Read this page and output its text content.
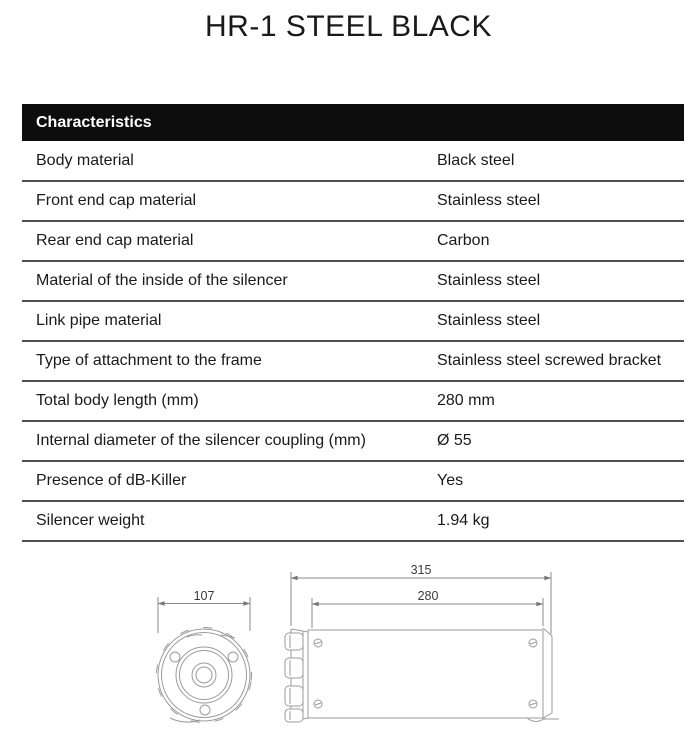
HR-1 STEEL BLACK
Characteristics
Body material	Black steel
Front end cap material	Stainless steel
Rear end cap material	Carbon
Material of the inside of the silencer	Stainless steel
Link pipe material	Stainless steel
Type of attachment to the frame	Stainless steel screwed bracket
Total body length (mm)	280 mm
Internal diameter of the silencer coupling (mm)	Ø 55
Presence of dB-Killer	Yes
Silencer weight	1.94 kg
107
315
280
